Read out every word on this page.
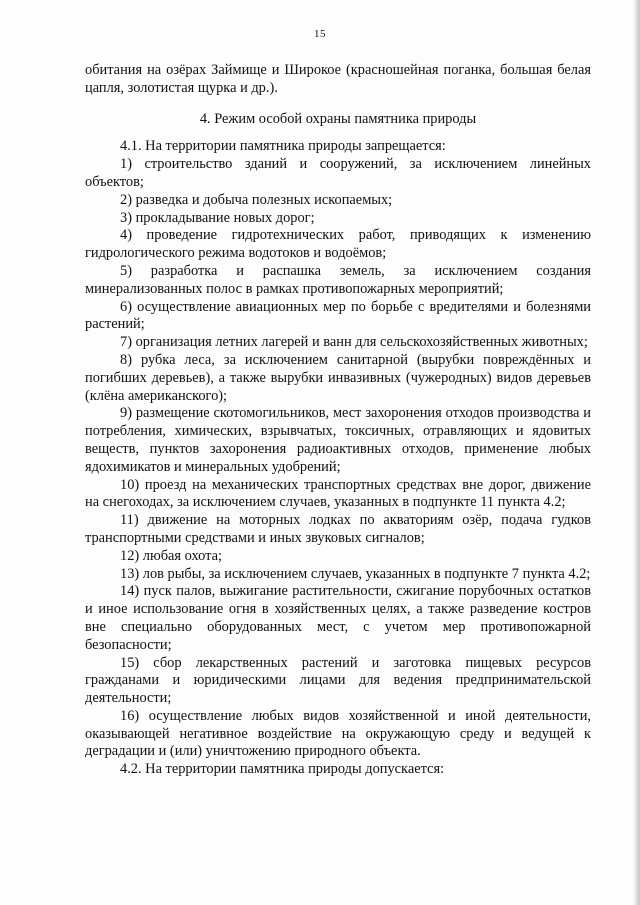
15

обитания на озёрах Займище и Широкое (красношейная поганка, большая белая цапля, золотистая щурка и др.).

4. Режим особой охраны памятника природы

4.1. На территории памятника природы запрещается:

1) строительство зданий и сооружений, за исключением линейных объектов;

2) разведка и добыча полезных ископаемых;

3) прокладывание новых дорог;

4) проведение гидротехнических работ, приводящих к изменению гидрологического режима водотоков и водоёмов;

5) разработка и распашка земель, за исключением создания минерализованных полос в рамках противопожарных мероприятий;

6) осуществление авиационных мер по борьбе с вредителями и болезнями растений;

7) организация летних лагерей и ванн для сельскохозяйственных животных;

8) рубка леса, за исключением санитарной (вырубки повреждённых и погибших деревьев), а также вырубки инвазивных (чужеродных) видов деревьев (клёна американского);

9) размещение скотомогильников, мест захоронения отходов производства и потребления, химических, взрывчатых, токсичных, отравляющих и ядовитых веществ, пунктов захоронения радиоактивных отходов, применение любых ядохимикатов и минеральных удобрений;

10) проезд на механических транспортных средствах вне дорог, движение на снегоходах, за исключением случаев, указанных в подпункте 11 пункта 4.2;

11) движение на моторных лодках по акваториям озёр, подача гудков транспортными средствами и иных звуковых сигналов;

12) любая охота;

13) лов рыбы, за исключением случаев, указанных в подпункте 7 пункта 4.2;

14) пуск палов, выжигание растительности, сжигание порубочных остатков и иное использование огня в хозяйственных целях, а также разведение костров вне специально оборудованных мест, с учетом мер противопожарной безопасности;

15) сбор лекарственных растений и заготовка пищевых ресурсов гражданами и юридическими лицами для ведения предпринимательской деятельности;

16) осуществление любых видов хозяйственной и иной деятельности, оказывающей негативное воздействие на окружающую среду и ведущей к деградации и (или) уничтожению природного объекта.

4.2. На территории памятника природы допускается:
